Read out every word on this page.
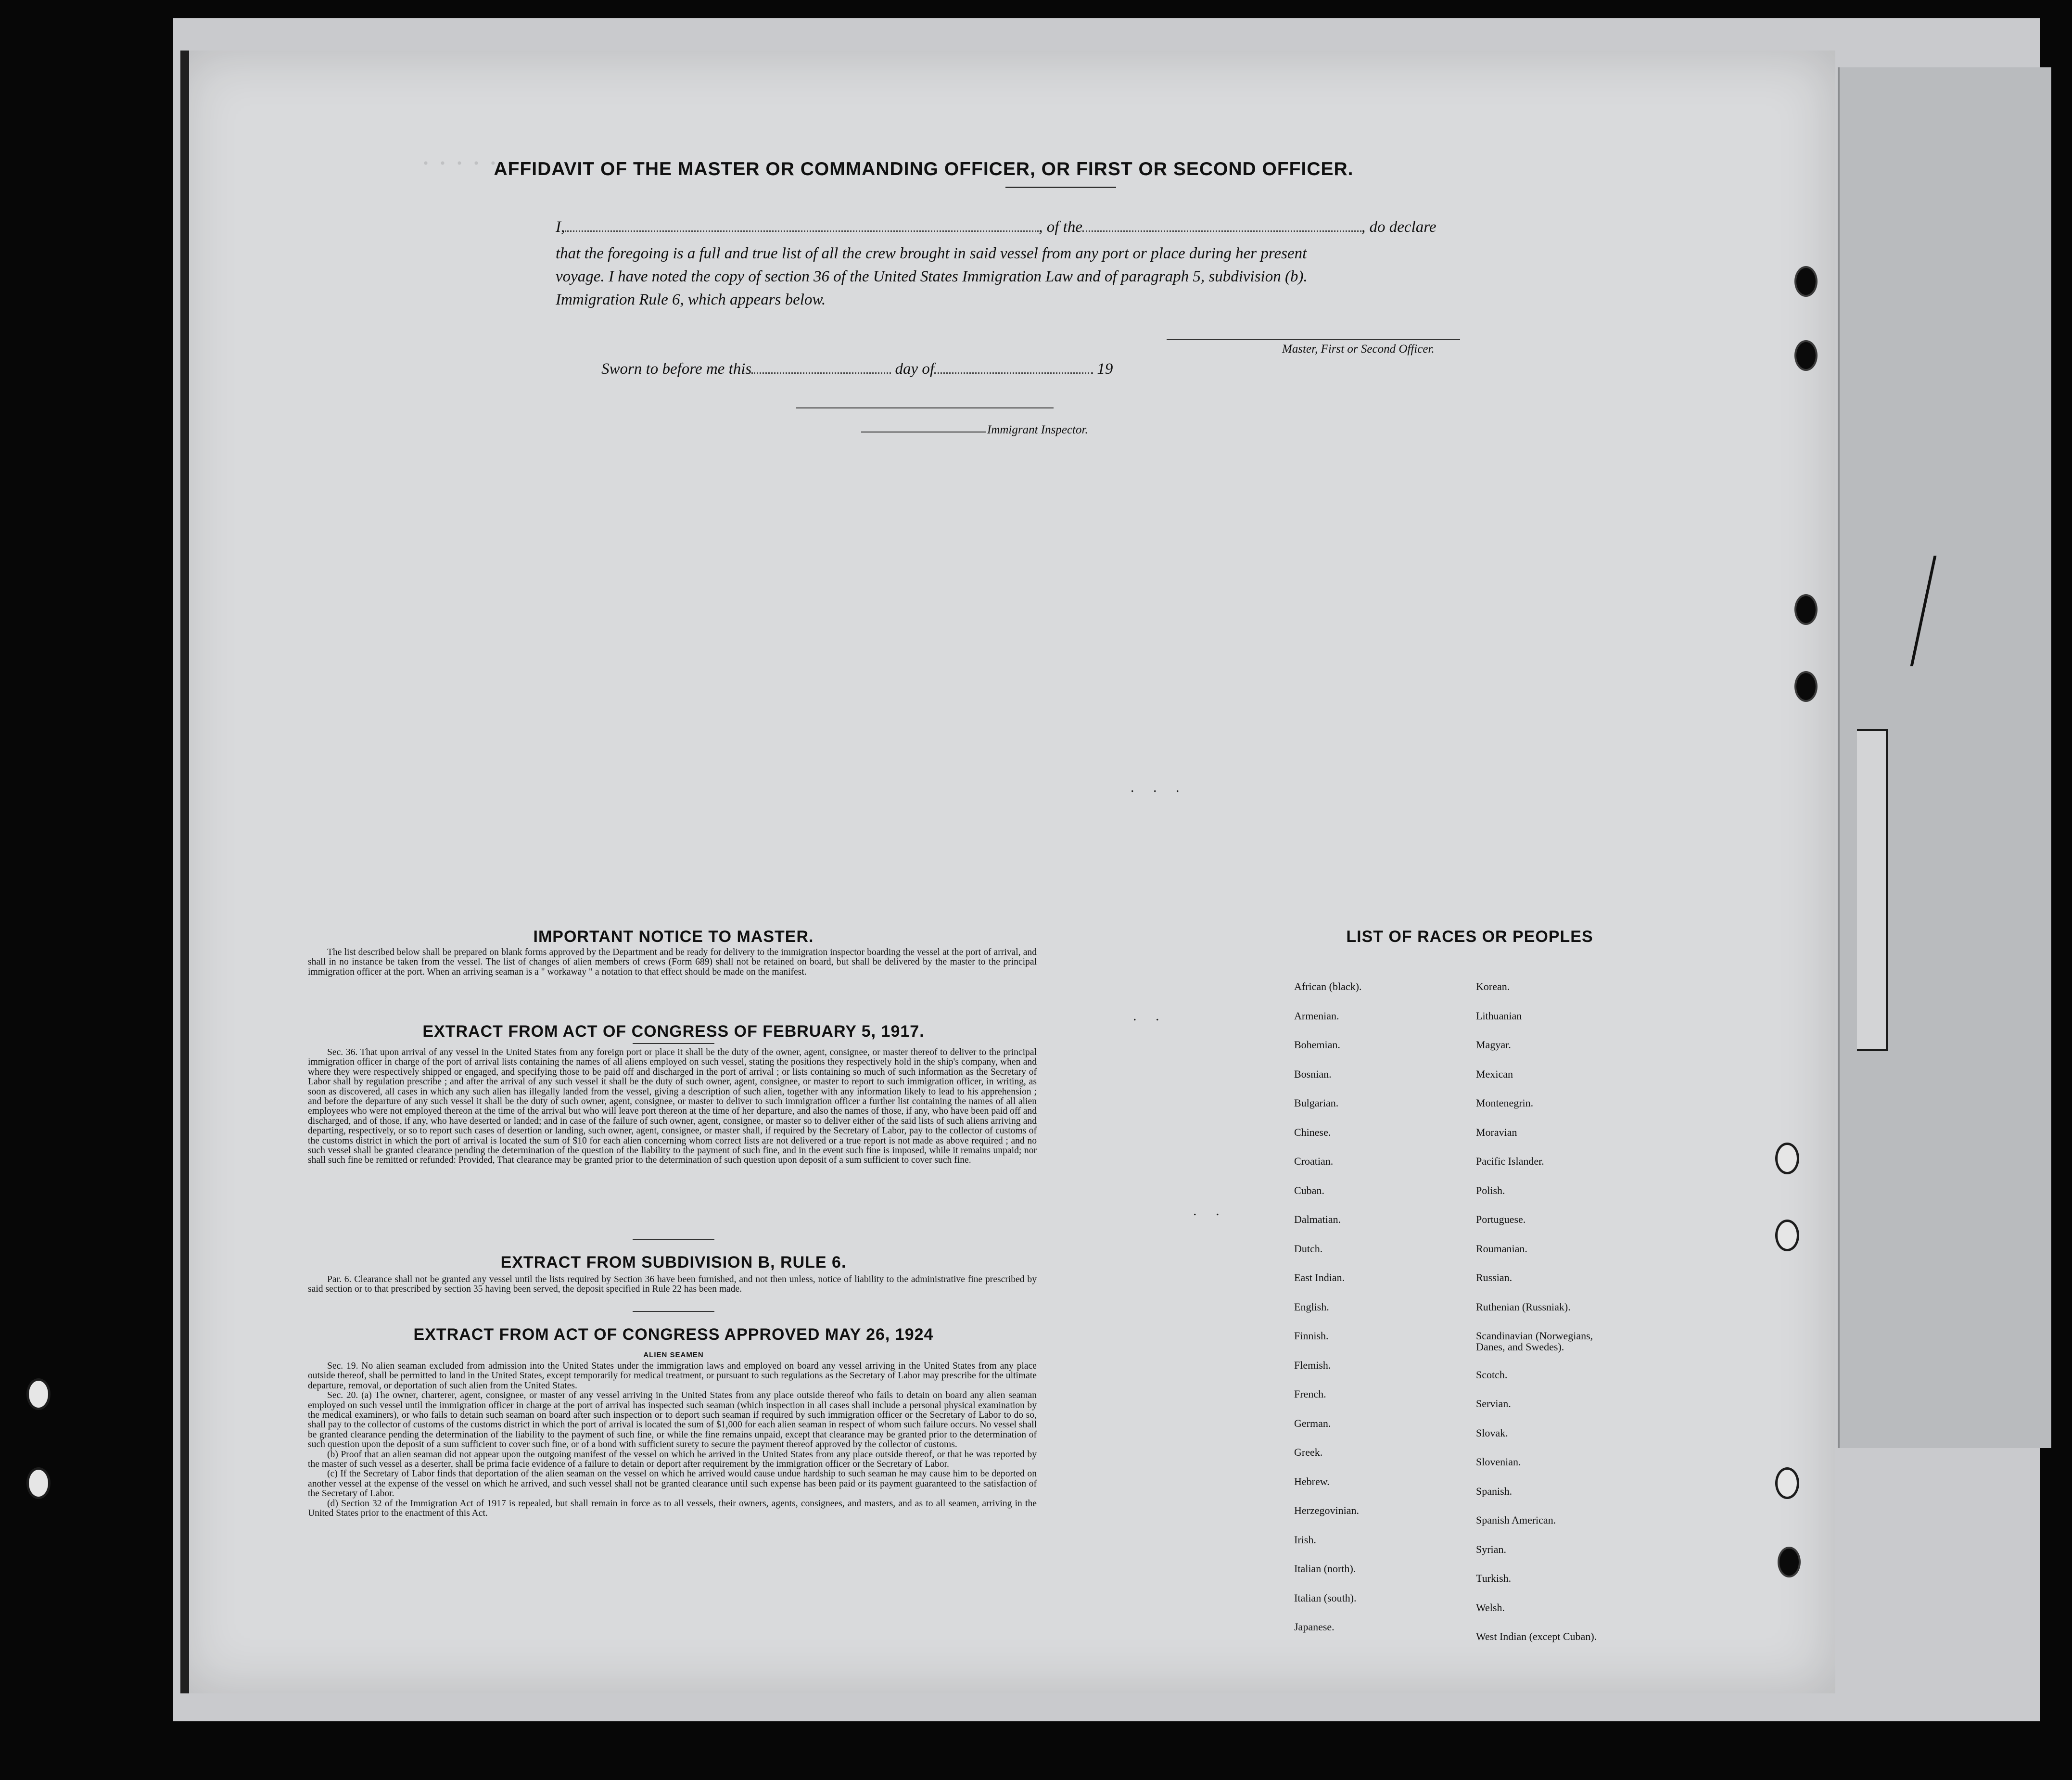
· · · · · ·
AFFIDAVIT OF THE MASTER OR COMMANDING OFFICER, OR FIRST OR SECOND OFFICER.
I,	, of the	, do declare
that the foregoing is a full and true list of all the crew brought in said vessel from any port or place during her present
voyage. I have noted the copy of section 36 of the United States Immigration Law and of paragraph 5, subdivision (b).
Immigration Rule 6, which appears below.
Master, First or Second Officer.
Sworn to before me this	day of	19
Immigrant Inspector.
IMPORTANT NOTICE TO MASTER.

The list described below shall be prepared on blank forms approved by the Department and be ready for delivery to the immigration inspector boarding the vessel at the port of arrival, and shall in no instance be taken from the vessel. The list of changes of alien members of crews (Form 689) shall not be retained on board, but shall be delivered by the master to the principal immigration officer at the port. When an arriving seaman is a " workaway " a notation to that effect should be made on the manifest.

EXTRACT FROM ACT OF CONGRESS OF FEBRUARY 5, 1917.

Sec. 36. That upon arrival of any vessel in the United States from any foreign port or place it shall be the duty of the owner, agent, consignee, or master thereof to deliver to the principal immigration officer in charge of the port of arrival lists containing the names of all aliens employed on such vessel, stating the positions they respectively hold in the ship's company, when and where they were respectively shipped or engaged, and specifying those to be paid off and discharged in the port of arrival ; or lists containing so much of such information as the Secretary of Labor shall by regulation prescribe ; and after the arrival of any such vessel it shall be the duty of such owner, agent, consignee, or master to report to such immigration officer, in writing, as soon as discovered, all cases in which any such alien has illegally landed from the vessel, giving a description of such alien, together with any information likely to lead to his apprehension ; and before the departure of any such vessel it shall be the duty of such owner, agent, consignee, or master to deliver to such immigration officer a further list containing the names of all alien employees who were not employed thereon at the time of the arrival but who will leave port thereon at the time of her departure, and also the names of those, if any, who have been paid off and discharged, and of those, if any, who have deserted or landed; and in case of the failure of such owner, agent, consignee, or master so to deliver either of the said lists of such aliens arriving and departing, respectively, or so to report such cases of desertion or landing, such owner, agent, consignee, or master shall, if required by the Secretary of Labor, pay to the collector of customs of the customs district in which the port of arrival is located the sum of $10 for each alien concerning whom correct lists are not delivered or a true report is not made as above required ; and no such vessel shall be granted clearance pending the determination of the question of the liability to the payment of such fine, and in the event such fine is imposed, while it remains unpaid; nor shall such fine be remitted or refunded: Provided, That clearance may be granted prior to the determination of such question upon deposit of a sum sufficient to cover such fine.

EXTRACT FROM SUBDIVISION B, RULE 6.

Par. 6. Clearance shall not be granted any vessel until the lists required by Section 36 have been furnished, and not then unless, notice of liability to the administrative fine prescribed by said section or to that prescribed by section 35 having been served, the deposit specified in Rule 22 has been made.

EXTRACT FROM ACT OF CONGRESS APPROVED MAY 26, 1924
ALIEN SEAMEN

Sec. 19. No alien seaman excluded from admission into the United States under the immigration laws and employed on board any vessel arriving in the United States from any place outside thereof, shall be permitted to land in the United States, except temporarily for medical treatment, or pursuant to such regulations as the Secretary of Labor may prescribe for the ultimate departure, removal, or deportation of such alien from the United States.

Sec. 20. (a) The owner, charterer, agent, consignee, or master of any vessel arriving in the United States from any place outside thereof who fails to detain on board any alien seaman employed on such vessel until the immigration officer in charge at the port of arrival has inspected such seaman (which inspection in all cases shall include a personal physical examination by the medical examiners), or who fails to detain such seaman on board after such inspection or to deport such seaman if required by such immigration officer or the Secretary of Labor to do so, shall pay to the collector of customs of the customs district in which the port of arrival is located the sum of $1,000 for each alien seaman in respect of whom such failure occurs. No vessel shall be granted clearance pending the determination of the liability to the payment of such fine, or while the fine remains unpaid, except that clearance may be granted prior to the determination of such question upon the deposit of a sum sufficient to cover such fine, or of a bond with sufficient surety to secure the payment thereof approved by the collector of customs.

(b) Proof that an alien seaman did not appear upon the outgoing manifest of the vessel on which he arrived in the United States from any place outside thereof, or that he was reported by the master of such vessel as a deserter, shall be prima facie evidence of a failure to detain or deport after requirement by the immigration officer or the Secretary of Labor.

(c) If the Secretary of Labor finds that deportation of the alien seaman on the vessel on which he arrived would cause undue hardship to such seaman he may cause him to be deported on another vessel at the expense of the vessel on which he arrived, and such vessel shall not be granted clearance until such expense has been paid or its payment guaranteed to the satisfaction of the Secretary of Labor.

(d) Section 32 of the Immigration Act of 1917 is repealed, but shall remain in force as to all vessels, their owners, agents, consignees, and masters, and as to all seamen, arriving in the United States prior to the enactment of this Act.

LIST OF RACES OR PEOPLES
African (black).
Armenian.
Bohemian.
Bosnian.
Bulgarian.
Chinese.
Croatian.
Cuban.
Dalmatian.
Dutch.
East Indian.
English.
Finnish.
Flemish.
French.
German.
Greek.
Hebrew.
Herzegovinian.
Irish.
Italian (north).
Italian (south).
Japanese.
Korean.
Lithuanian
Magyar.
Mexican
Montenegrin.
Moravian
Pacific Islander.
Polish.
Portuguese.
Roumanian.
Russian.
Ruthenian (Russniak).
Scandinavian (Norwegians,
Scotch.
Servian.
Slovak.
Slovenian.
Spanish.
Spanish American.
Syrian.
Turkish.
Welsh.
West Indian (except Cuban).
Danes, and Swedes).
. .
. .
. . .
